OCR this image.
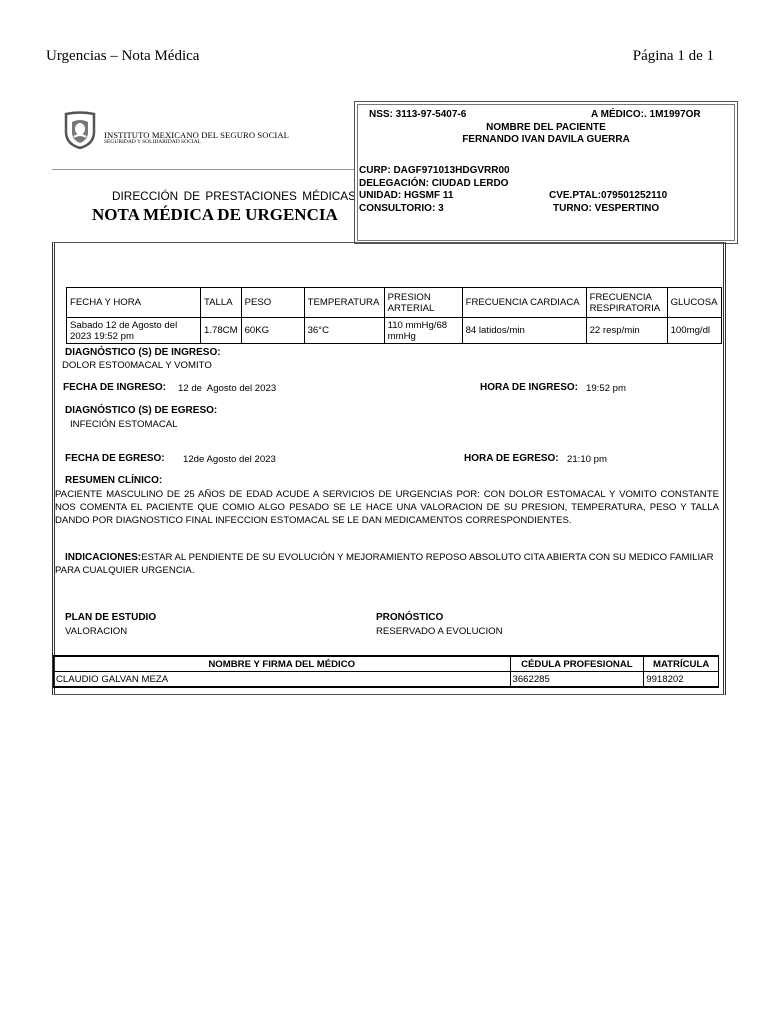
Urgencias – Nota Médica	Página 1 de 1
INSTITUTO MEXICANO DEL SEGURO SOCIAL
SEGURIDAD Y SOLIDARIDAD SOCIAL
DIRECCIÓN DE PRESTACIONES MÉDICAS
NOTA MÉDICA DE URGENCIA
NSS: 3113-97-5407-6	A MÉDICO:. 1M1997OR
NOMBRE DEL PACIENTE
FERNANDO IVAN DAVILA GUERRA
CURP: DAGF971013HDGVRR00
DELEGACIÓN: CIUDAD LERDO
UNIDAD: HGSMF 11	CVE.PTAL:079501252110
CONSULTORIO: 3	TURNO: VESPERTINO
FECHA Y HORA	TALLA	PESO	TEMPERATURA	PRESION ARTERIAL	FRECUENCIA CARDIACA	FRECUENCIA RESPIRATORIA	GLUCOSA
Sabado 12 de Agosto del 2023 19:52 pm	1.78CM	60KG	36°C	110 mmHg/68 mmHg	84 latidos/min	22 resp/min	100mg/dl
DIAGNÓSTICO (S) DE INGRESO:
DOLOR ESTO0MACAL Y VOMITO
FECHA DE INGRESO: 12 de  Agosto del 2023	HORA DE INGRESO: 19:52 pm
DIAGNÓSTICO (S) DE EGRESO:
INFECIÓN ESTOMACAL
FECHA DE EGRESO: 12de Agosto del 2023	HORA DE EGRESO: 21:10 pm
RESUMEN CLÍNICO:
PACIENTE MASCULINO DE 25 AÑOS DE EDAD ACUDE A SERVICIOS DE URGENCIAS POR: CON DOLOR ESTOMACAL Y VOMITO CONSTANTE NOS COMENTA EL PACIENTE QUE COMIO ALGO PESADO SE LE HACE UNA VALORACION DE SU PRESION, TEMPERATURA, PESO Y TALLA DANDO POR DIAGNOSTICO FINAL INFECCION ESTOMACAL SE LE DAN MEDICAMENTOS CORRESPONDIENTES.
INDICACIONES:ESTAR AL PENDIENTE DE SU EVOLUCIÓN Y MEJORAMIENTO REPOSO ABSOLUTO CITA ABIERTA CON SU MEDICO FAMILIAR PARA CUALQUIER URGENCIA.
PLAN DE ESTUDIO
VALORACION
PRONÓSTICO
RESERVADO A EVOLUCION
NOMBRE Y FIRMA DEL MÉDICO	CÉDULA PROFESIONAL	MATRÍCULA
CLAUDIO GALVAN MEZA	3662285	9918202
